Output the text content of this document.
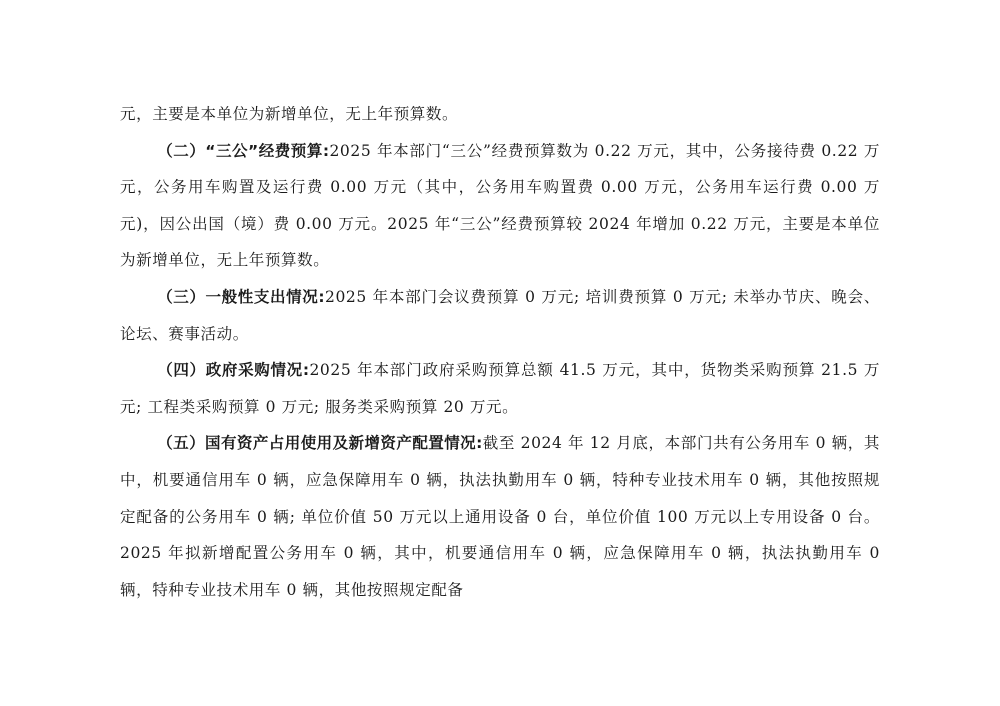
元，主要是本单位为新增单位，无上年预算数。

（二）“三公”经费预算:2025 年本部门“三公”经费预算数为 0.22 万元，其中，公务接待费 0.22 万元，公务用车购置及运行费 0.00 万元（其中，公务用车购置费 0.00 万元，公务用车运行费 0.00 万元)，因公出国（境）费 0.00 万元。2025 年“三公”经费预算较 2024 年增加 0.22 万元，主要是本单位为新增单位，无上年预算数。

（三）一般性支出情况:2025 年本部门会议费预算 0 万元; 培训费预算 0 万元; 未举办节庆、晚会、论坛、赛事活动。

（四）政府采购情况:2025 年本部门政府采购预算总额 41.5 万元，其中，货物类采购预算 21.5 万元; 工程类采购预算 0 万元; 服务类采购预算 20 万元。

（五）国有资产占用使用及新增资产配置情况:截至 2024 年 12 月底，本部门共有公务用车 0 辆，其中，机要通信用车 0 辆，应急保障用车 0 辆，执法执勤用车 0 辆，特种专业技术用车 0 辆，其他按照规定配备的公务用车 0 辆; 单位价值 50 万元以上通用设备 0 台，单位价值 100 万元以上专用设备 0 台。2025 年拟新增配置公务用车 0 辆，其中，机要通信用车 0 辆，应急保障用车 0 辆，执法执勤用车 0 辆，特种专业技术用车 0 辆，其他按照规定配备
